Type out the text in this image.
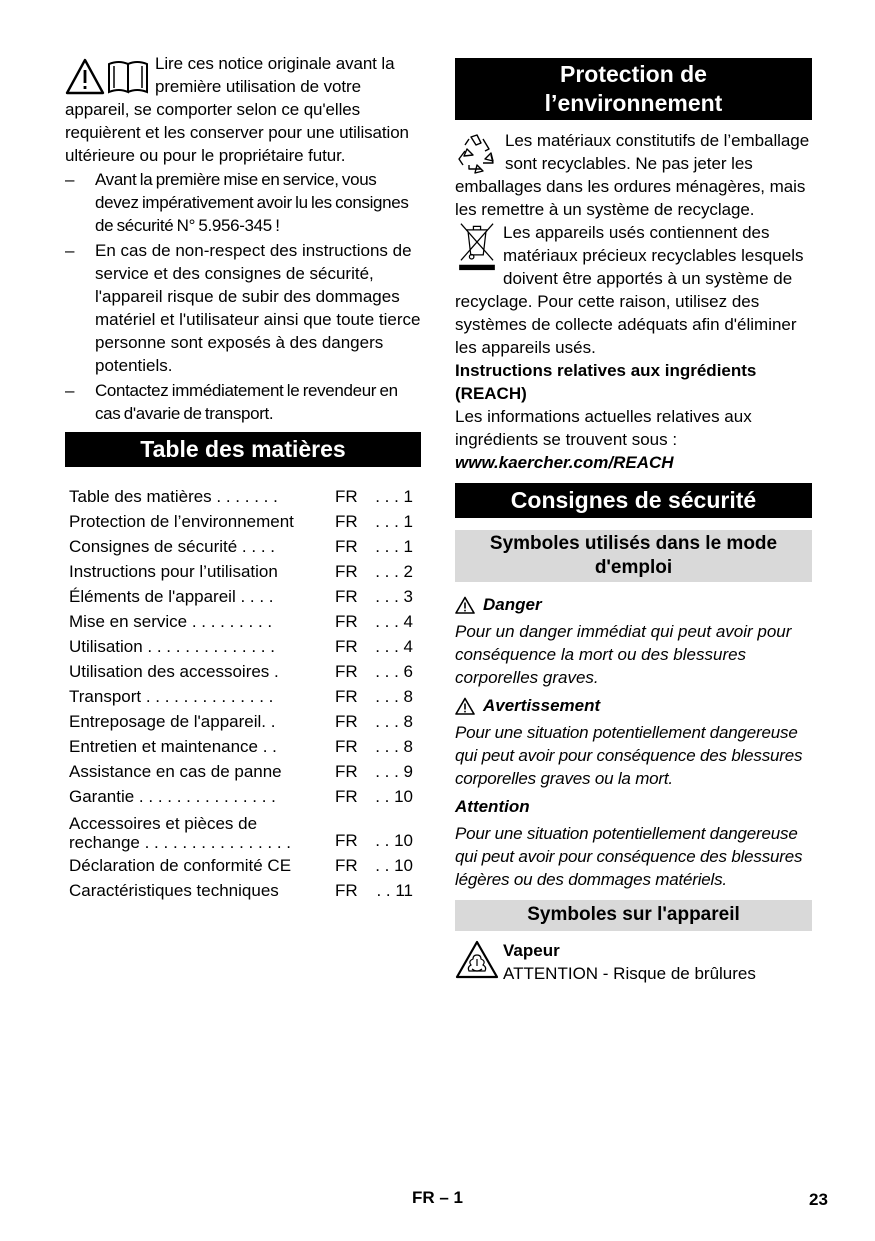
Lire ces notice originale avant la première utilisation de votre appareil, se comporter selon ce qu'elles requièrent et les conserver pour une utilisation ultérieure ou pour le propriétaire futur.

– Avant la première mise en service, vous devez impérativement avoir lu les consignes de sécurité N° 5.956-345 !
– En cas de non-respect des instructions de service et des consignes de sécurité, l'appareil risque de subir des dommages matériel et l'utilisateur ainsi que toute tierce personne sont exposés à des dangers potentiels.
– Contactez immédiatement le revendeur en cas d'avarie de transport.
Table des matières
Table des matières . . . . . . .	FR	. . . 1
Protection de l’environnement	FR	. . . 1
Consignes de sécurité . . . .	FR	. . . 1
Instructions pour l’utilisation	FR	. . . 2
Éléments de l'appareil . . . .	FR	. . . 3
Mise en service . . . . . . . . .	FR	. . . 4
Utilisation . . . . . . . . . . . . . .	FR	. . . 4
Utilisation des accessoires .	FR	. . . 6
Transport . . . . . . . . . . . . . .	FR	. . . 8
Entreposage de l'appareil. .	FR	. . . 8
Entretien et maintenance . .	FR	. . . 8
Assistance en cas de panne	FR	. . . 9
Garantie . . . . . . . . . . . . . . .	FR	. . 10
Accessoires et pièces de rechange . . . . . . . . . . . . . . . .	FR	. . 10
Déclaration de conformité CE	FR	. . 10
Caractéristiques techniques	FR	. . 11
Protection de l’environnement

Les matériaux constitutifs de l’emballage sont recyclables. Ne pas jeter les emballages dans les ordures ménagères, mais les remettre à un système de recyclage.

Les appareils usés contiennent des matériaux précieux recyclables lesquels doivent être apportés à un système de recyclage. Pour cette raison, utilisez des systèmes de collecte adéquats afin d'éliminer les appareils usés.

Instructions relatives aux ingrédients (REACH)

Les informations actuelles relatives aux ingrédients se trouvent sous :

www.kaercher.com/REACH

Consignes de sécurité
Symboles utilisés dans le mode d'emploi
Danger

Pour un danger immédiat qui peut avoir pour conséquence la mort ou des blessures corporelles graves.

Avertissement

Pour une situation potentiellement dangereuse qui peut avoir pour conséquence des blessures corporelles graves ou la mort.

Attention

Pour une situation potentiellement dangereuse qui peut avoir pour conséquence des blessures légères ou des dommages matériels.

Symboles sur l'appareil

Vapeur

ATTENTION - Risque de brûlures

FR – 1	23
